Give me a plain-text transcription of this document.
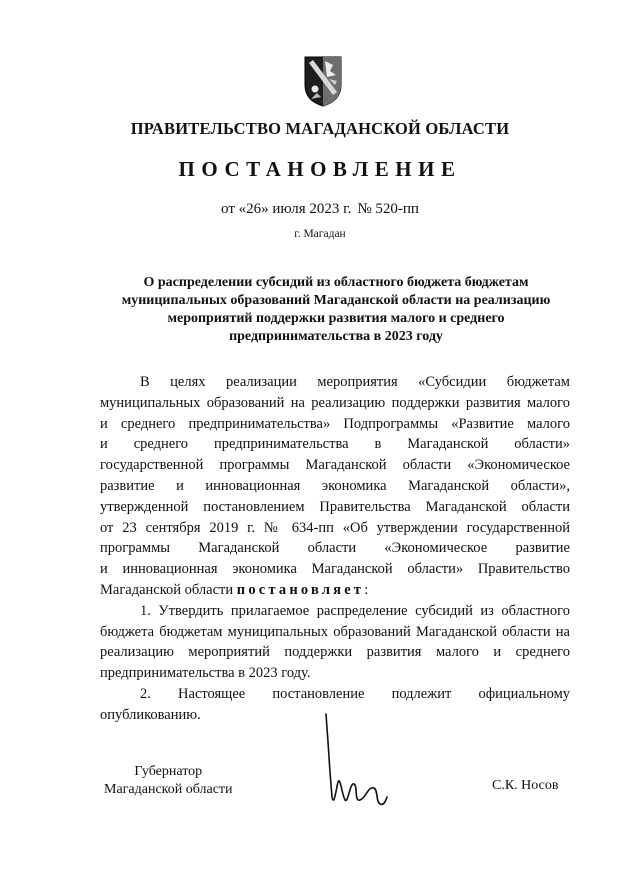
ПРАВИТЕЛЬСТВО МАГАДАНСКОЙ ОБЛАСТИ
ПОСТАНОВЛЕНИЕ
от «26» июля 2023 г. № 520-пп
г. Магадан
О распределении субсидий из областного бюджета бюджетам
муниципальных образований Магаданской области на реализацию
мероприятий поддержки развития малого и среднего
предпринимательства в 2023 году
В целях реализации мероприятия «Субсидии бюджетам
муниципальных образований на реализацию поддержки развития малого
и среднего предпринимательства» Подпрограммы «Развитие малого
и среднего предпринимательства в Магаданской области»
государственной программы Магаданской области «Экономическое
развитие и инновационная экономика Магаданской области»,
утвержденной постановлением Правительства Магаданской области
от 23 сентября 2019 г. № 634-пп «Об утверждении государственной
программы Магаданской области «Экономическое развитие
и инновационная экономика Магаданской области» Правительство
Магаданской области постановляет:
1. Утвердить прилагаемое распределение субсидий из областного
бюджета бюджетам муниципальных образований Магаданской области на
реализацию мероприятий поддержки развития малого и среднего
предпринимательства в 2023 году.
2. Настоящее постановление подлежит официальному
опубликованию.
Губернатор
Магаданской области	С.К. Носов
